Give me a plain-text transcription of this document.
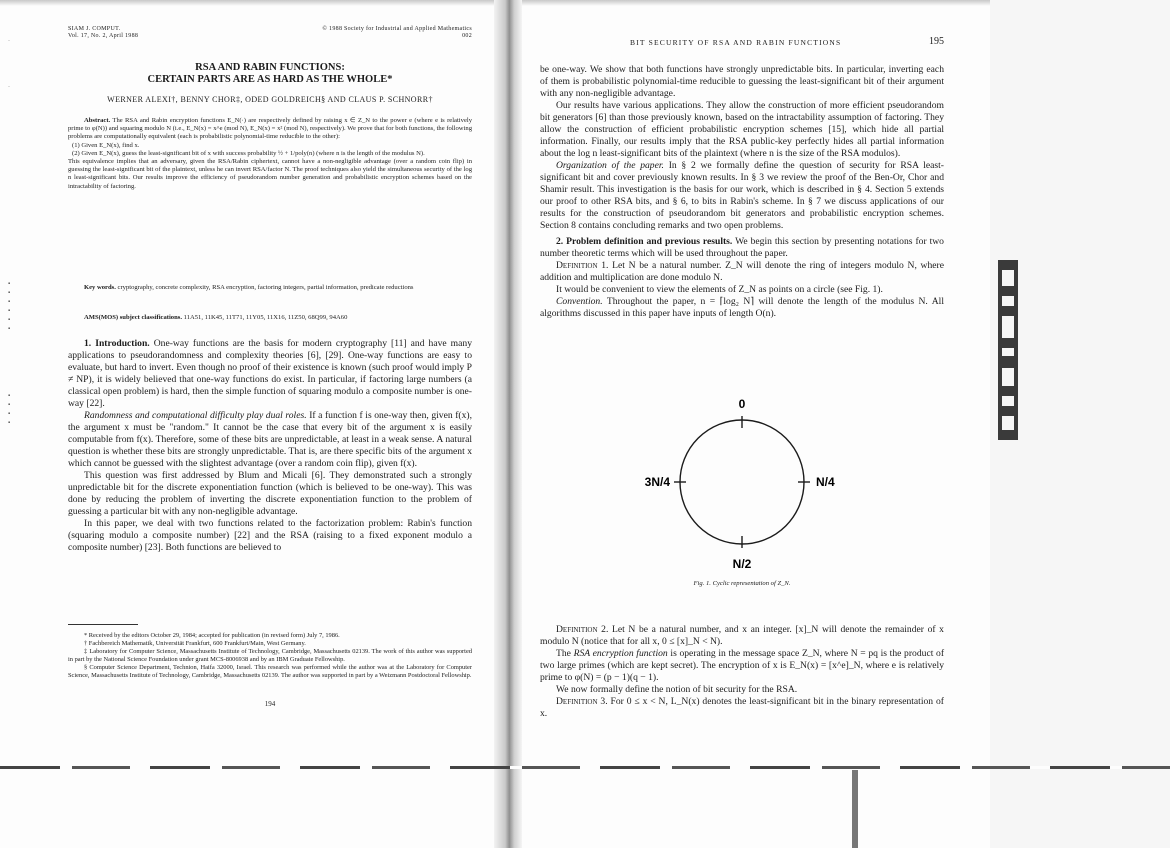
·
·
▪
▪
▪
▪
▪
▪
▪
▪
▪
▪
SIAM J. COMPUT.
Vol. 17, No. 2, April 1988
© 1988 Society for Industrial and Applied Mathematics
002
RSA AND RABIN FUNCTIONS:
CERTAIN PARTS ARE AS HARD AS THE WHOLE*
WERNER ALEXI†, BENNY CHOR‡, ODED GOLDREICH§ AND CLAUS P. SCHNORR†

Abstract. The RSA and Rabin encryption functions E_N(·) are respectively defined by raising x ∈ Z_N to the power e (where e is relatively prime to φ(N)) and squaring modulo N (i.e., E_N(x) = x^e (mod N), E_N(x) = x² (mod N), respectively). We prove that for both functions, the following problems are computationally equivalent (each is probabilistic polynomial-time reducible to the other):

(1) Given E_N(x), find x.

(2) Given E_N(x), guess the least-significant bit of x with success probability ½ + 1/poly(n) (where n is the length of the modulus N).

This equivalence implies that an adversary, given the RSA/Rabin ciphertext, cannot have a non-negligible advantage (over a random coin flip) in guessing the least-significant bit of the plaintext, unless he can invert RSA/factor N. The proof techniques also yield the simultaneous security of the log n least-significant bits. Our results improve the efficiency of pseudorandom number generation and probabilistic encryption schemes based on the intractability of factoring.

Key words. cryptography, concrete complexity, RSA encryption, factoring integers, partial information, predicate reductions
AMS(MOS) subject classifications. 11A51, 11K45, 11T71, 11Y05, 11X16, 11Z50, 68Q99, 94A60

1. Introduction. One-way functions are the basis for modern cryptography [11] and have many applications to pseudorandomness and complexity theories [6], [29]. One-way functions are easy to evaluate, but hard to invert. Even though no proof of their existence is known (such proof would imply P ≠ NP), it is widely believed that one-way functions do exist. In particular, if factoring large numbers (a classical open problem) is hard, then the simple function of squaring modulo a composite number is one-way [22].

Randomness and computational difficulty play dual roles. If a function f is one-way then, given f(x), the argument x must be "random." It cannot be the case that every bit of the argument x is easily computable from f(x). Therefore, some of these bits are unpredictable, at least in a weak sense. A natural question is whether these bits are strongly unpredictable. That is, are there specific bits of the argument x which cannot be guessed with the slightest advantage (over a random coin flip), given f(x).

This question was first addressed by Blum and Micali [6]. They demonstrated such a strongly unpredictable bit for the discrete exponentiation function (which is believed to be one-way). This was done by reducing the problem of inverting the discrete exponentiation function to the problem of guessing a particular bit with any non-negligible advantage.

In this paper, we deal with two functions related to the factorization problem: Rabin's function (squaring modulo a composite number) [22] and the RSA (raising to a fixed exponent modulo a composite number) [23]. Both functions are believed to

* Received by the editors October 29, 1984; accepted for publication (in revised form) July 7, 1986.

† Fachbereich Mathematik, Universität Frankfurt, 600 Frankfurt/Main, West Germany.

‡ Laboratory for Computer Science, Massachusetts Institute of Technology, Cambridge, Massachusetts 02139. The work of this author was supported in part by the National Science Foundation under grant MCS-8006938 and by an IBM Graduate Fellowship.

§ Computer Science Department, Technion, Haifa 32000, Israel. This research was performed while the author was at the Laboratory for Computer Science, Massachusetts Institute of Technology, Cambridge, Massachusetts 02139. The author was supported in part by a Weizmann Postdoctoral Fellowship.

194
BIT SECURITY OF RSA AND RABIN FUNCTIONS	195

be one-way. We show that both functions have strongly unpredictable bits. In particular, inverting each of them is probabilistic polynomial-time reducible to guessing the least-significant bit of their argument with any non-negligible advantage.

Our results have various applications. They allow the construction of more efficient pseudorandom bit generators [6] than those previously known, based on the intractability assumption of factoring. They allow the construction of efficient probabilistic encryption schemes [15], which hide all partial information. Finally, our results imply that the RSA public-key perfectly hides all partial information about the log n least-significant bits of the plaintext (where n is the size of the RSA modulos).

Organization of the paper. In § 2 we formally define the question of security for RSA least-significant bit and cover previously known results. In § 3 we review the proof of the Ben-Or, Chor and Shamir result. This investigation is the basis for our work, which is described in § 4. Section 5 extends our proof to other RSA bits, and § 6, to bits in Rabin's scheme. In § 7 we discuss applications of our results for the construction of pseudorandom bit generators and probabilistic encryption schemes. Section 8 contains concluding remarks and two open problems.

2. Problem definition and previous results. We begin this section by presenting notations for two number theoretic terms which will be used throughout the paper.

Definition 1. Let N be a natural number. Z_N will denote the ring of integers modulo N, where addition and multiplication are done modulo N.

It would be convenient to view the elements of Z_N as points on a circle (see Fig. 1).

Convention. Throughout the paper, n = ⌈log₂ N⌉ will denote the length of the modulus N. All algorithms discussed in this paper have inputs of length O(n).

Definition 2. Let N be a natural number, and x an integer. [x]_N will denote the remainder of x modulo N (notice that for all x, 0 ≤ [x]_N < N).

The RSA encryption function is operating in the message space Z_N, where N = pq is the product of two large primes (which are kept secret). The encryption of x is E_N(x) = [x^e]_N, where e is relatively prime to φ(N) = (p − 1)(q − 1).

We now formally define the notion of bit security for the RSA.

Definition 3. For 0 ≤ x < N, L_N(x) denotes the least-significant bit in the binary representation of x.

0
N/4
N/2
3N/4
Fig. 1. Cyclic representation of Z_N.
